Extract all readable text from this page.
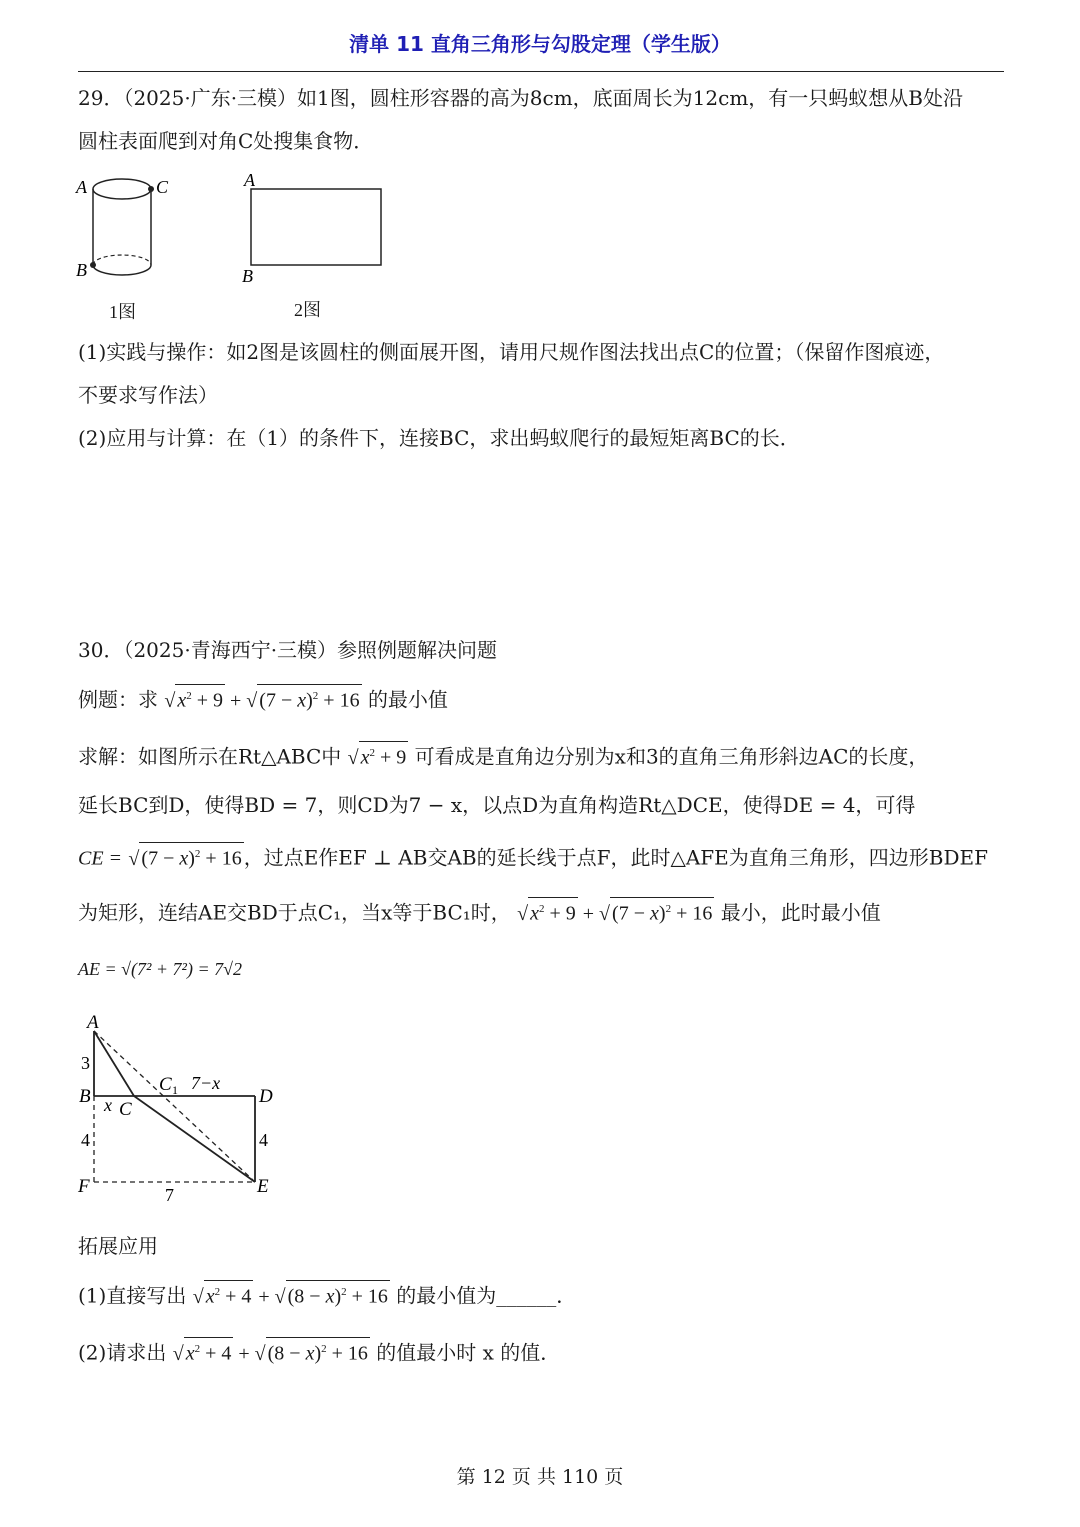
清单 11 直角三角形与勾股定理（学生版）
29．（2025·广东·三模）如1图，圆柱形容器的高为8cm，底面周长为12cm，有一只蚂蚁想从B处沿
圆柱表面爬到对角C处搜集食物．
A	C
B
1图
A
B
2图
(1)实践与操作：如2图是该圆柱的侧面展开图，请用尺规作图法找出点C的位置；（保留作图痕迹，
不要求写作法）
(2)应用与计算：在（1）的条件下，连接BC，求出蚂蚁爬行的最短矩离BC的长．
30．（2025·青海西宁·三模）参照例题解决问题
例题：求 √ $x^2 + 9$ + √ $(7 - x)^2 + 16$ 的最小值
求解：如图所示在Rt△ABC中 √ $x^2 + 9$ 可看成是直角边分别为x和3的直角三角形斜边AC的长度，
延长BC到D，使得BD = 7，则CD为7 − x，以点D为直角构造Rt△DCE，使得DE = 4，可得
CE = √ $(7 - x)^2 + 16$ ，过点E作EF ⊥ AB交AB的延长线于点F，此时△AFE为直角三角形，四边形BDEF
为矩形，连结AE交BD于点C₁，当x等于BC₁时， √ $x^2 + 9$ + √ $(7 - x)^2 + 16$ 最小，此时最小值
AE = √(7² + 7²) = 7√2
A
B
C
C 1	D
E
F
x
7−x
3
4	4
7
拓展应用
(1)直接写出 √ $x^2 + 4$ + √ $(8 - x)^2 + 16$ 的最小值为______．
(2)请求出 √ $x^2 + 4$ + √ $(8 - x)^2 + 16$ 的值最小时 x 的值．
第 12 页 共 110 页
